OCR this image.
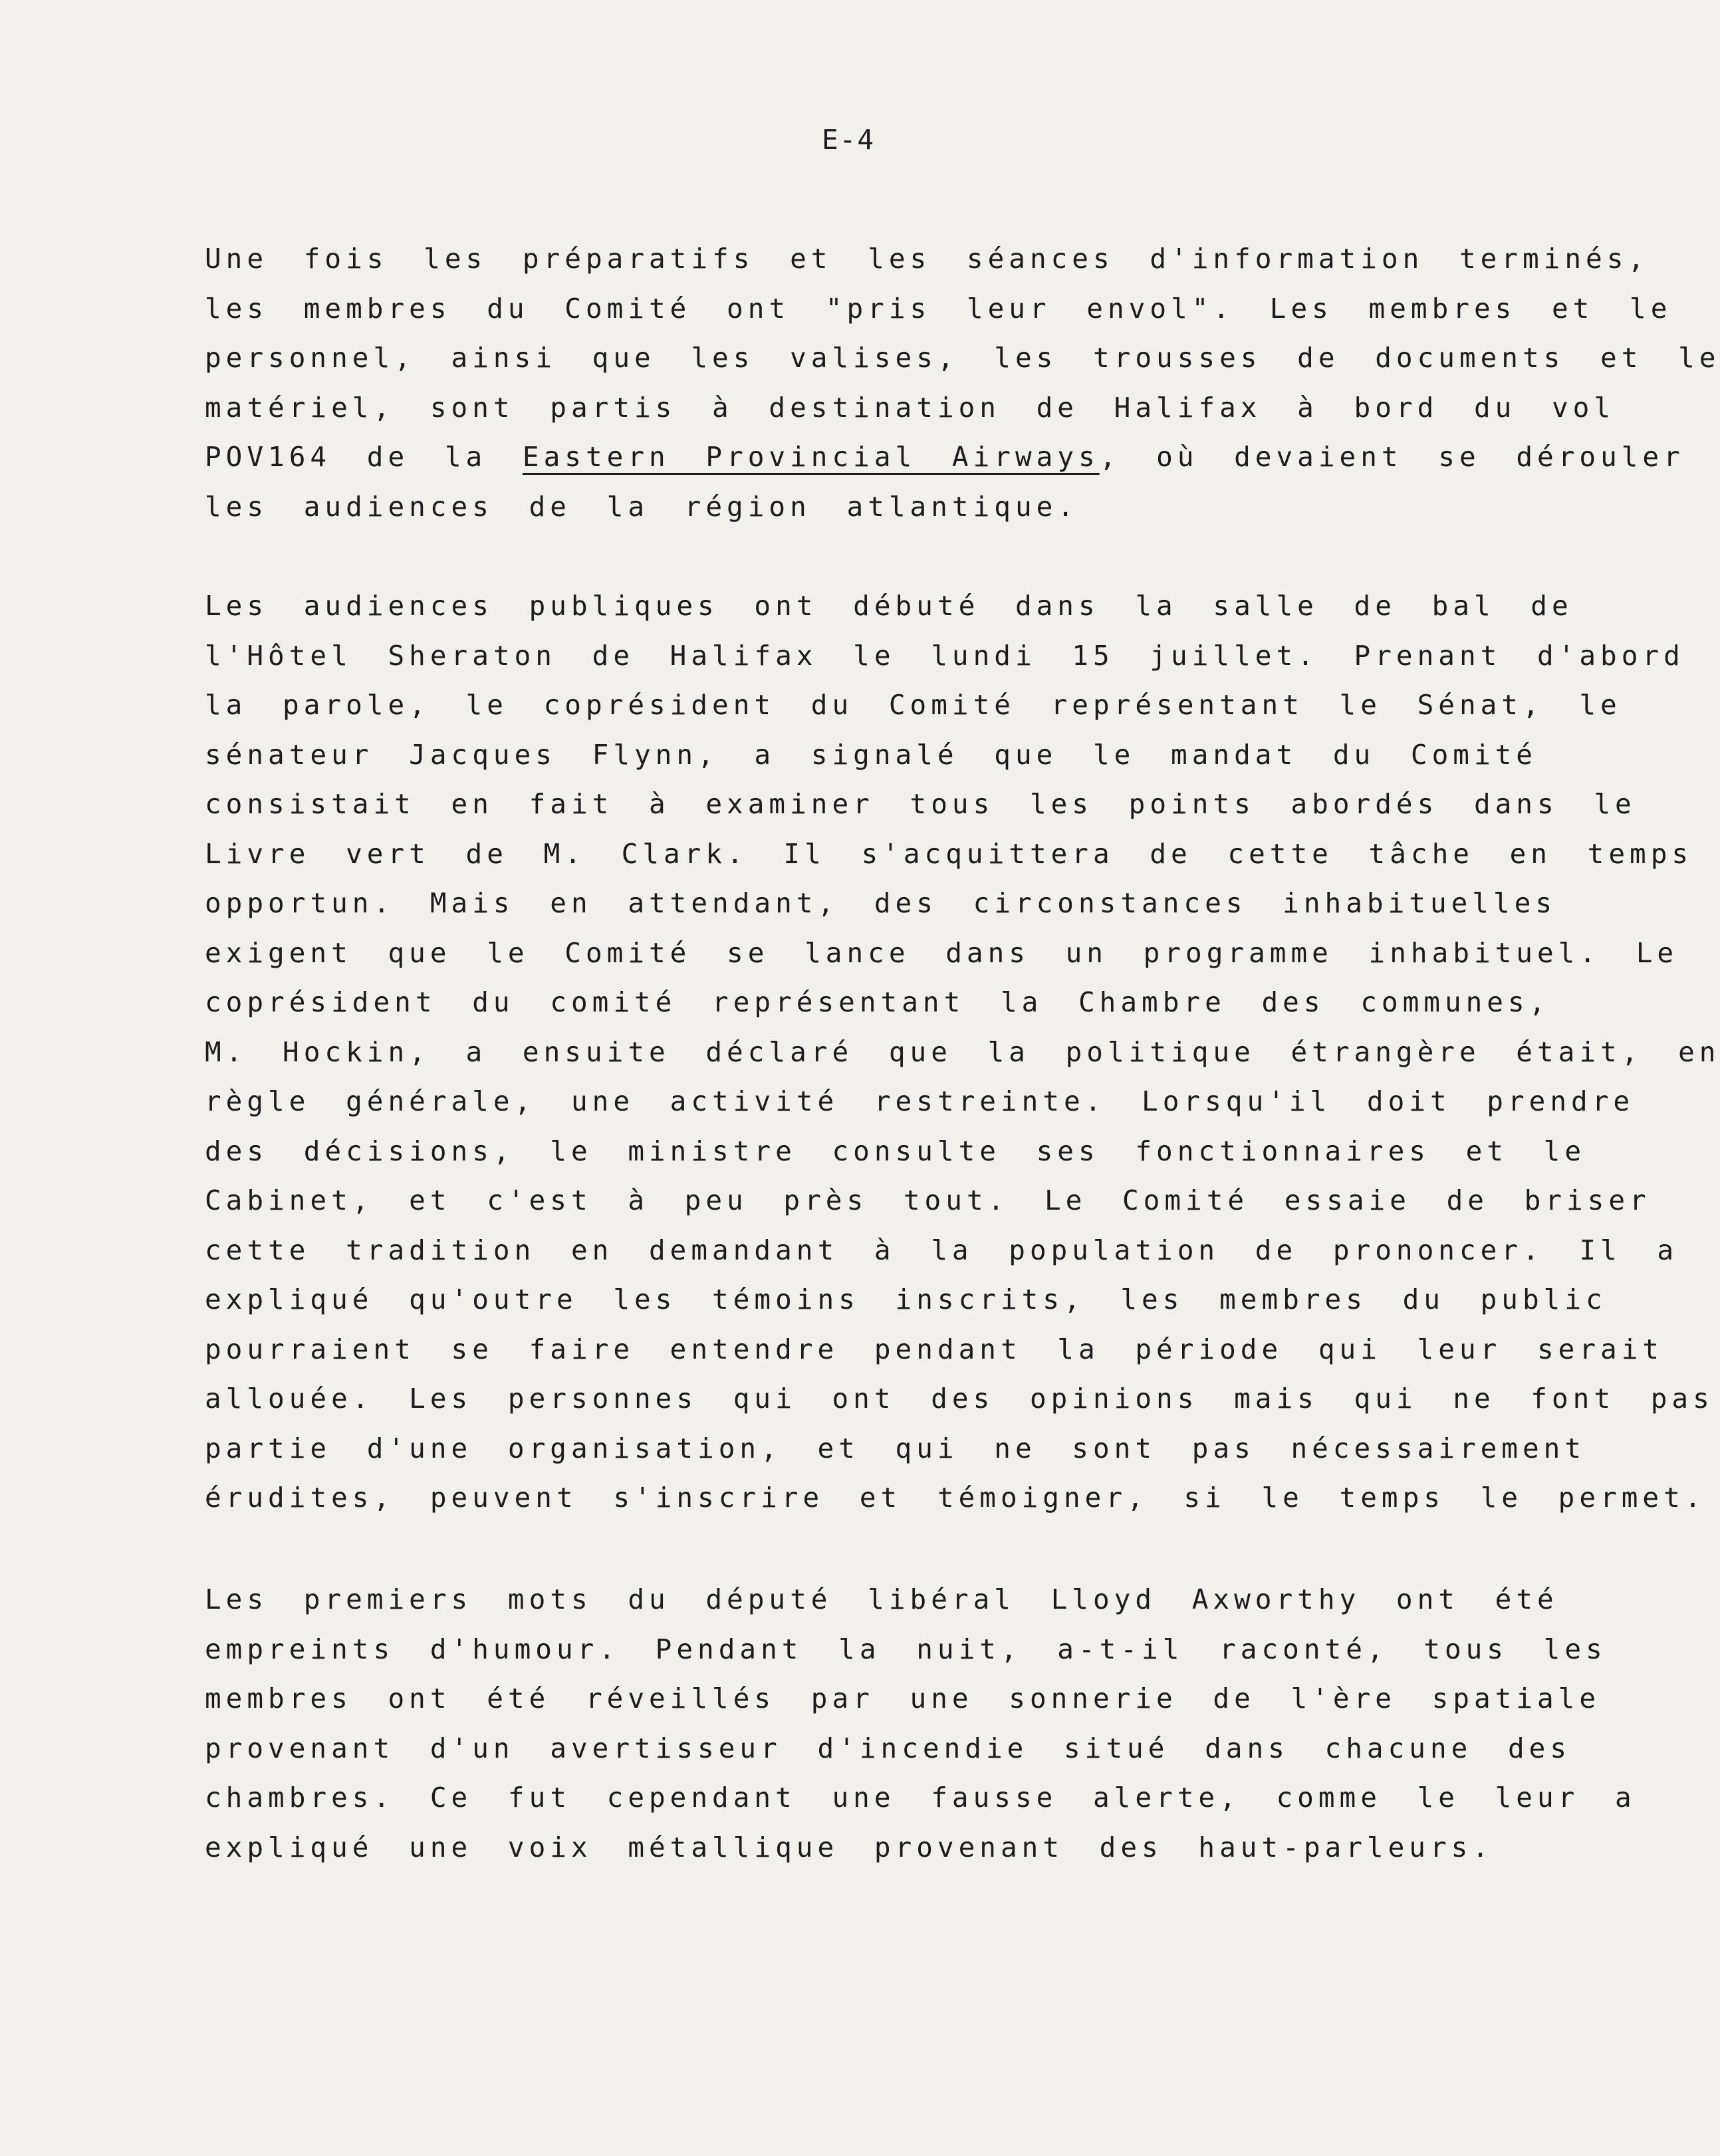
E-4
Une fois les préparatifs et les séances d'information terminés,
les membres du Comité ont "pris leur envol". Les membres et le
personnel, ainsi que les valises, les trousses de documents et le
matériel, sont partis à destination de Halifax à bord du vol
POV164 de la Eastern Provincial Airways, où devaient se dérouler
les audiences de la région atlantique.
Les audiences publiques ont débuté dans la salle de bal de
l'Hôtel Sheraton de Halifax le lundi 15 juillet. Prenant d'abord
la parole, le coprésident du Comité représentant le Sénat, le
sénateur Jacques Flynn, a signalé que le mandat du Comité
consistait en fait à examiner tous les points abordés dans le
Livre vert de M. Clark. Il s'acquittera de cette tâche en temps
opportun. Mais en attendant, des circonstances inhabituelles
exigent que le Comité se lance dans un programme inhabituel. Le
coprésident du comité représentant la Chambre des communes,
M. Hockin, a ensuite déclaré que la politique étrangère était, en
règle générale, une activité restreinte. Lorsqu'il doit prendre
des décisions, le ministre consulte ses fonctionnaires et le
Cabinet, et c'est à peu près tout. Le Comité essaie de briser
cette tradition en demandant à la population de prononcer. Il a
expliqué qu'outre les témoins inscrits, les membres du public
pourraient se faire entendre pendant la période qui leur serait
allouée. Les personnes qui ont des opinions mais qui ne font pas
partie d'une organisation, et qui ne sont pas nécessairement
érudites, peuvent s'inscrire et témoigner, si le temps le permet.
Les premiers mots du député libéral Lloyd Axworthy ont été
empreints d'humour. Pendant la nuit, a-t-il raconté, tous les
membres ont été réveillés par une sonnerie de l'ère spatiale
provenant d'un avertisseur d'incendie situé dans chacune des
chambres. Ce fut cependant une fausse alerte, comme le leur a
expliqué une voix métallique provenant des haut-parleurs.
